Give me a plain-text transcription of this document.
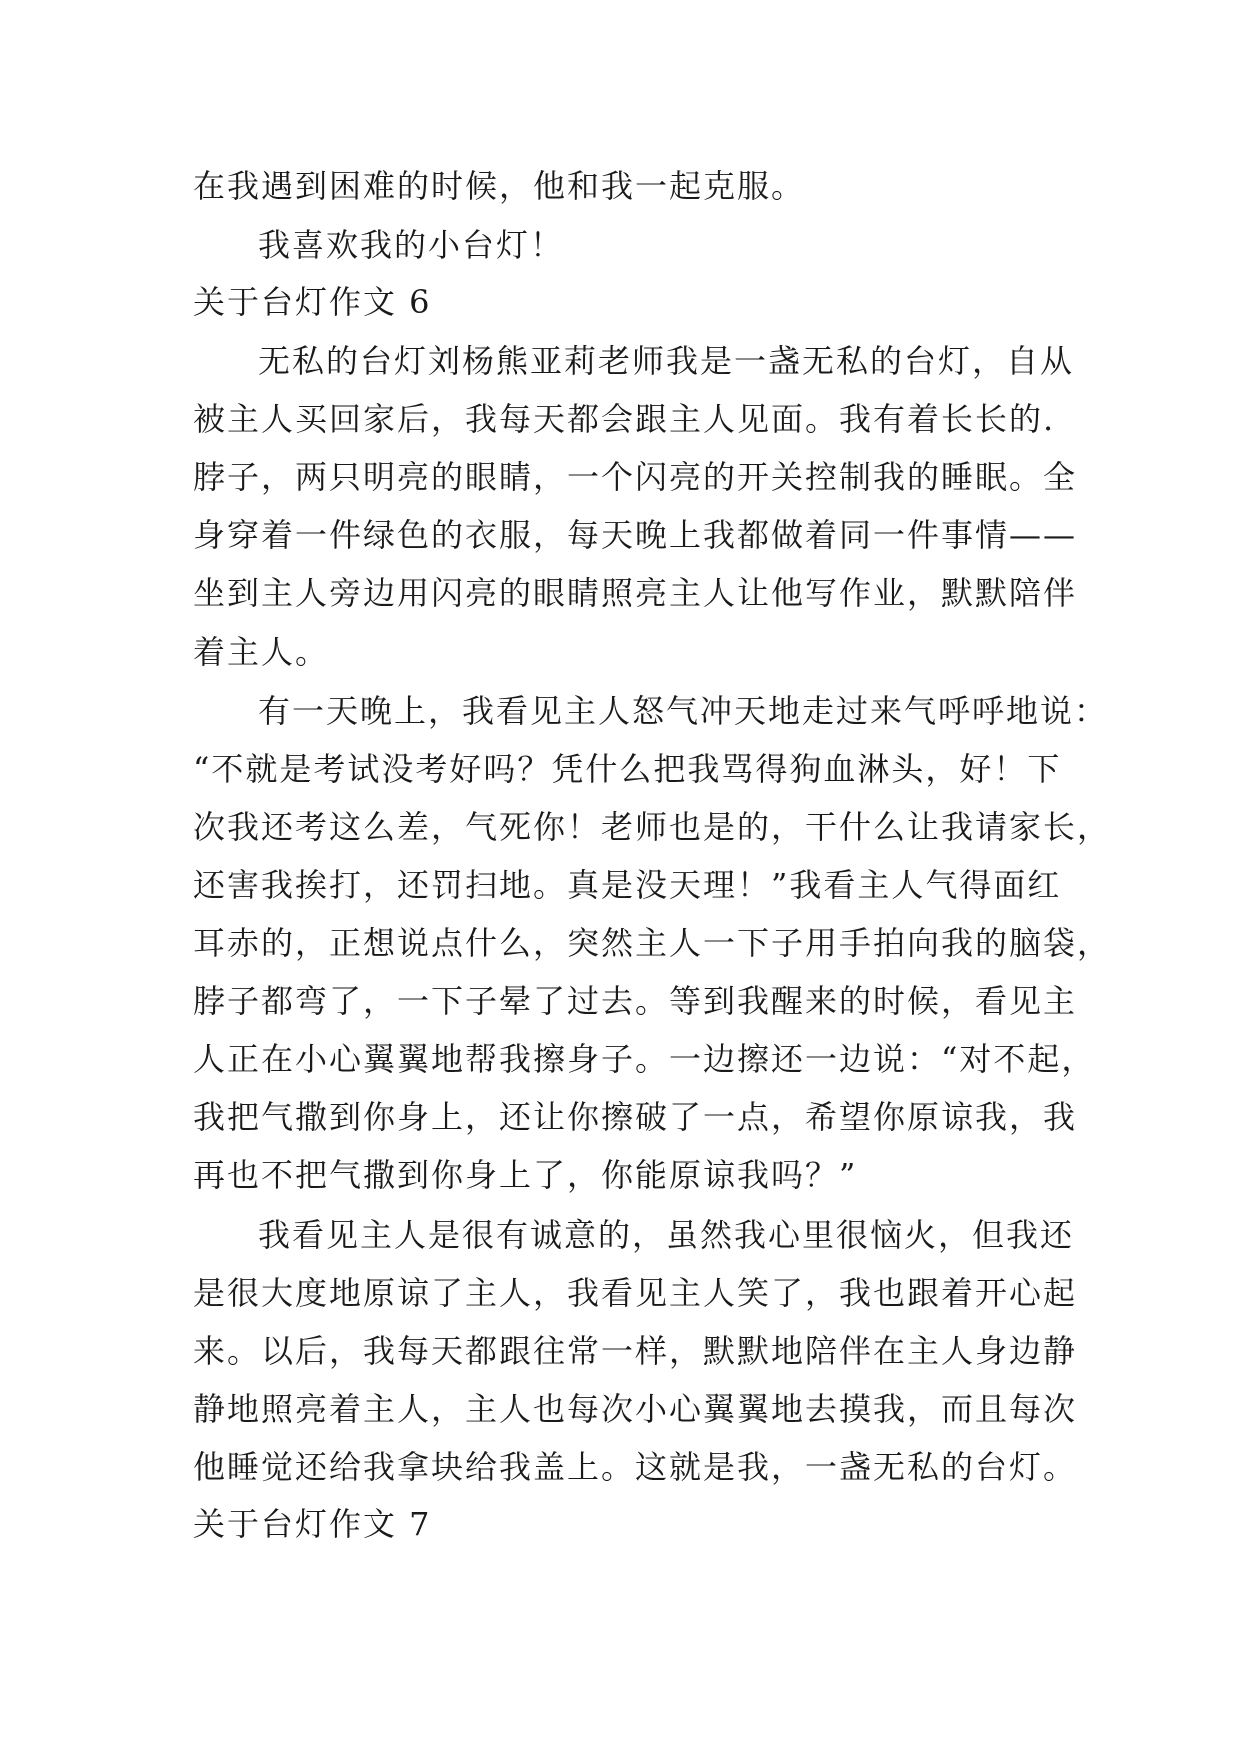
在我遇到困难的时候，他和我一起克服。
我喜欢我的小台灯！
关于台灯作文 6
无私的台灯刘杨熊亚莉老师我是一盏无私的台灯，自从
被主人买回家后，我每天都会跟主人见面。我有着长长的.
脖子，两只明亮的眼睛，一个闪亮的开关控制我的睡眠。全
身穿着一件绿色的衣服，每天晚上我都做着同一件事情——
坐到主人旁边用闪亮的眼睛照亮主人让他写作业，默默陪伴
着主人。
有一天晚上，我看见主人怒气冲天地走过来气呼呼地说：
“不就是考试没考好吗？凭什么把我骂得狗血淋头，好！下
次我还考这么差，气死你！老师也是的，干什么让我请家长，
还害我挨打，还罚扫地。真是没天理！”我看主人气得面红
耳赤的，正想说点什么，突然主人一下子用手拍向我的脑袋，
脖子都弯了，一下子晕了过去。等到我醒来的时候，看见主
人正在小心翼翼地帮我擦身子。一边擦还一边说：“对不起，
我把气撒到你身上，还让你擦破了一点，希望你原谅我，我
再也不把气撒到你身上了，你能原谅我吗？”
我看见主人是很有诚意的，虽然我心里很恼火，但我还
是很大度地原谅了主人，我看见主人笑了，我也跟着开心起
来。以后，我每天都跟往常一样，默默地陪伴在主人身边静
静地照亮着主人，主人也每次小心翼翼地去摸我，而且每次
他睡觉还给我拿块给我盖上。这就是我，一盏无私的台灯。
关于台灯作文 7
